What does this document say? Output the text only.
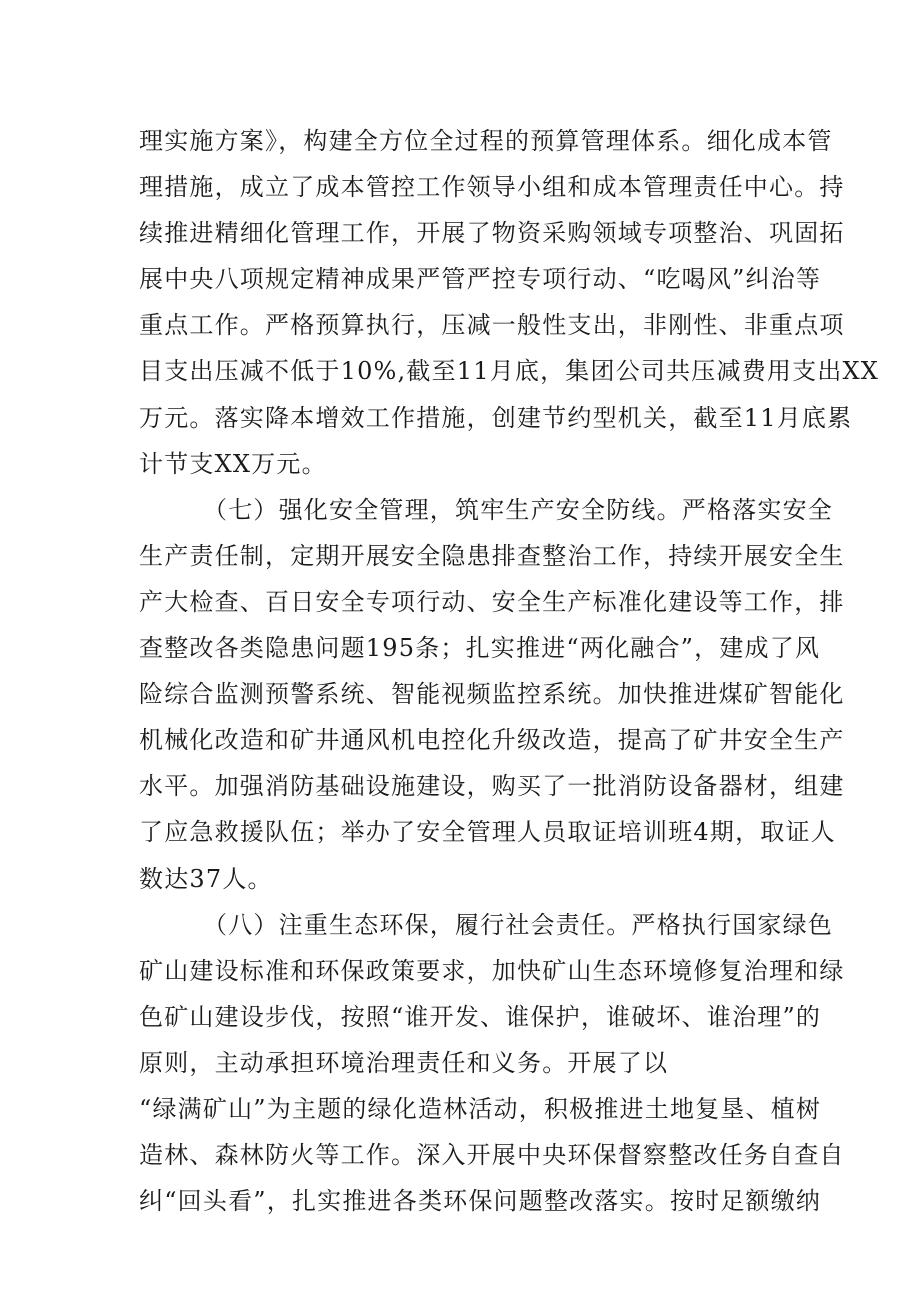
理实施方案》，构建全方位全过程的预算管理体系。细化成本管
理措施，成立了成本管控工作领导小组和成本管理责任中心。持
续推进精细化管理工作，开展了物资采购领域专项整治、巩固拓
展中央八项规定精神成果严管严控专项行动、“吃喝风”纠治等
重点工作。严格预算执行，压减一般性支出，非刚性、非重点项
目支出压减不低于10%,截至11月底，集团公司共压减费用支出XX
万元。落实降本增效工作措施，创建节约型机关，截至11月底累
计节支XX万元。
（七）强化安全管理，筑牢生产安全防线。严格落实安全
生产责任制，定期开展安全隐患排查整治工作，持续开展安全生
产大检查、百日安全专项行动、安全生产标准化建设等工作，排
查整改各类隐患问题195条；扎实推进“两化融合”，建成了风
险综合监测预警系统、智能视频监控系统。加快推进煤矿智能化
机械化改造和矿井通风机电控化升级改造，提高了矿井安全生产
水平。加强消防基础设施建设，购买了一批消防设备器材，组建
了应急救援队伍；举办了安全管理人员取证培训班4期，取证人
数达37人。
（八）注重生态环保，履行社会责任。严格执行国家绿色
矿山建设标准和环保政策要求，加快矿山生态环境修复治理和绿
色矿山建设步伐，按照“谁开发、谁保护，谁破坏、谁治理”的
原则，主动承担环境治理责任和义务。开展了以
“绿满矿山”为主题的绿化造林活动，积极推进土地复垦、植树
造林、森林防火等工作。深入开展中央环保督察整改任务自查自
纠“回头看”，扎实推进各类环保问题整改落实。按时足额缴纳
